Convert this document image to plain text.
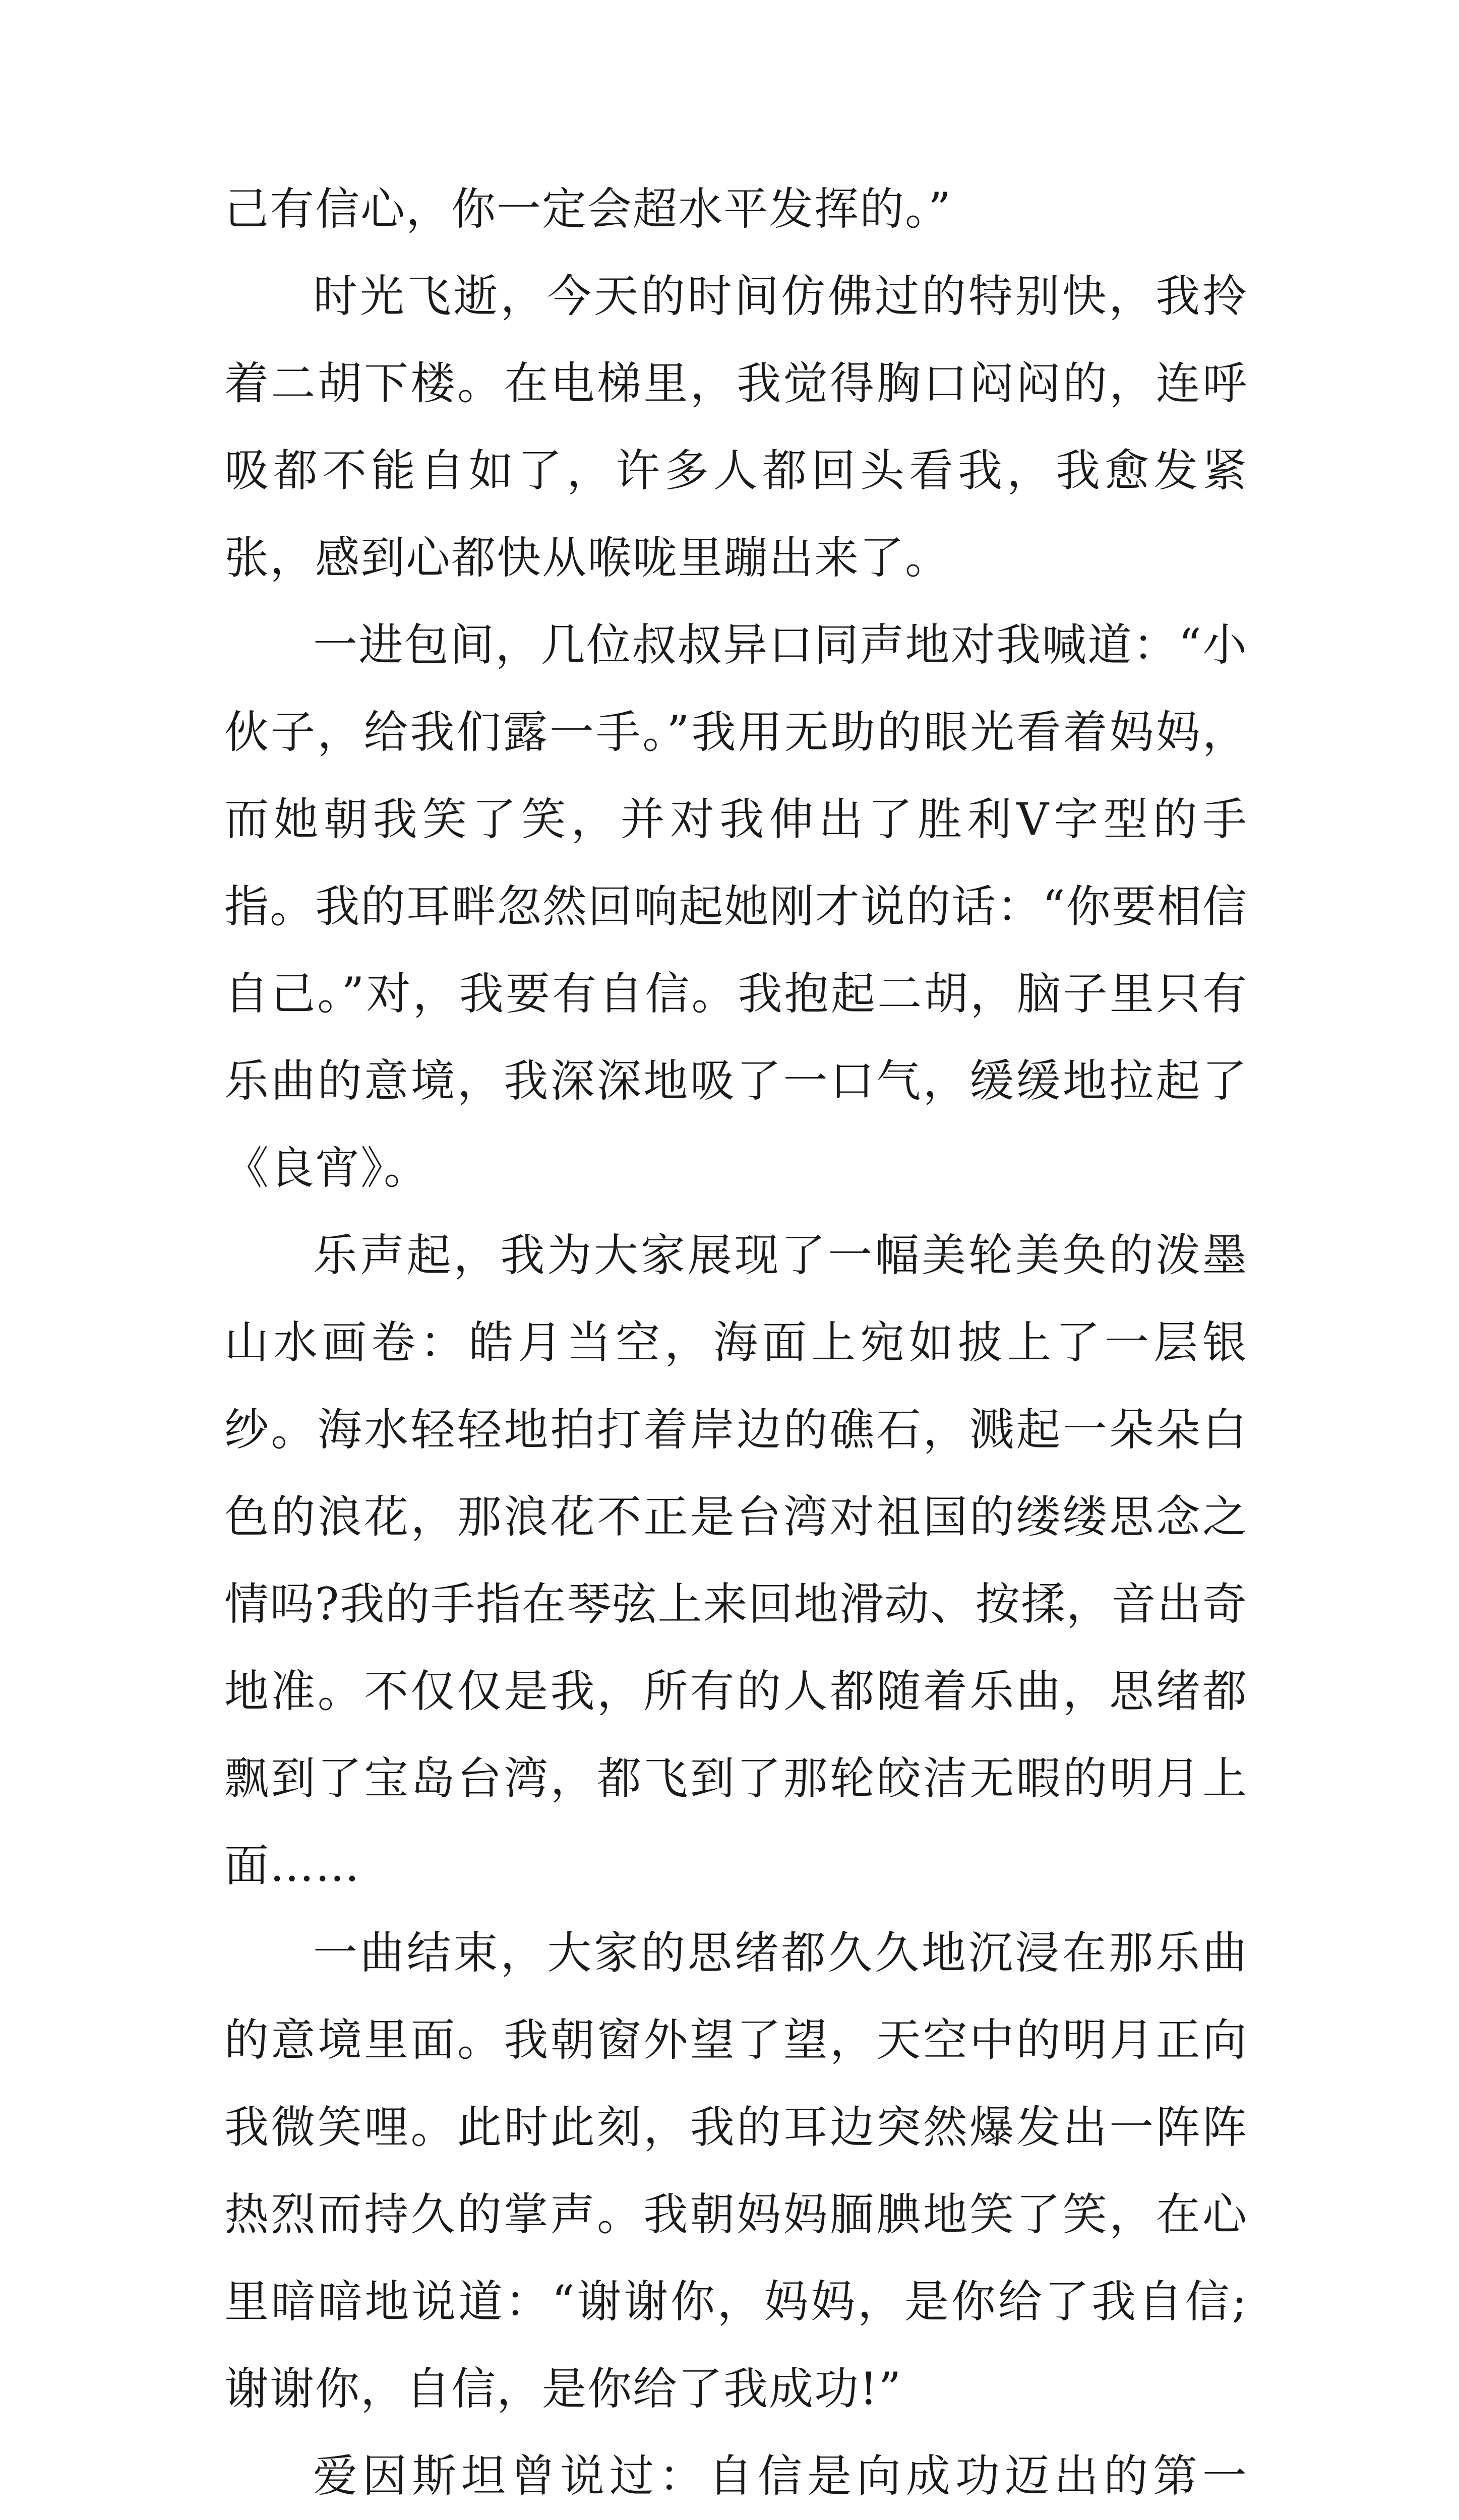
己有信心，你一定会超水平发挥的。”

时光飞逝，今天的时间仿佛过的特别快，我拎着二胡下楼。在电梯里，我觉得胸口闷闷的，连呼吸都不能自如了，许多人都回头看我，我愈发紧张，感到心都快从喉咙里蹦出来了。

一进包间，几位叔叔异口同声地对我喊道：“小伙子，给我们露一手。”我用无助的眼光看着妈妈，而她朝我笑了笑，并对我伸出了胜利V字型的手指。我的耳畔忽然回响起她刚才说的话：“你要相信自己。”对，我要有自信。我抱起二胡，脑子里只有乐曲的意境，我深深地吸了一口气，缓缓地拉起了《良宵》。

乐声起，我为大家展现了一幅美轮美奂的泼墨山水画卷：皓月当空，海面上宛如披上了一层银纱。海水轻轻地拍打着岸边的礁石，溅起一朵朵白色的浪花，那浪花不正是台湾对祖国的缕缕思念之情吗?我的手指在琴弦上来回地滑动、按揉，音出奇地准。不仅仅是我，所有的人都随着乐曲，思绪都飘到了宝岛台湾，都飞到了那轮皎洁无暇的明月上面……

一曲结束，大家的思绪都久久地沉浸在那乐曲的意境里面。我朝窗外望了望，天空中的明月正向我微笑哩。此时此刻，我的耳边突然爆发出一阵阵热烈而持久的掌声。我朝妈妈腼腆地笑了笑，在心里暗暗地说道：“谢谢你，妈妈，是你给了我自信;谢谢你，自信，是你给了我成功!”

爱因斯坦曾说过：自信是向成功迈出的第一
